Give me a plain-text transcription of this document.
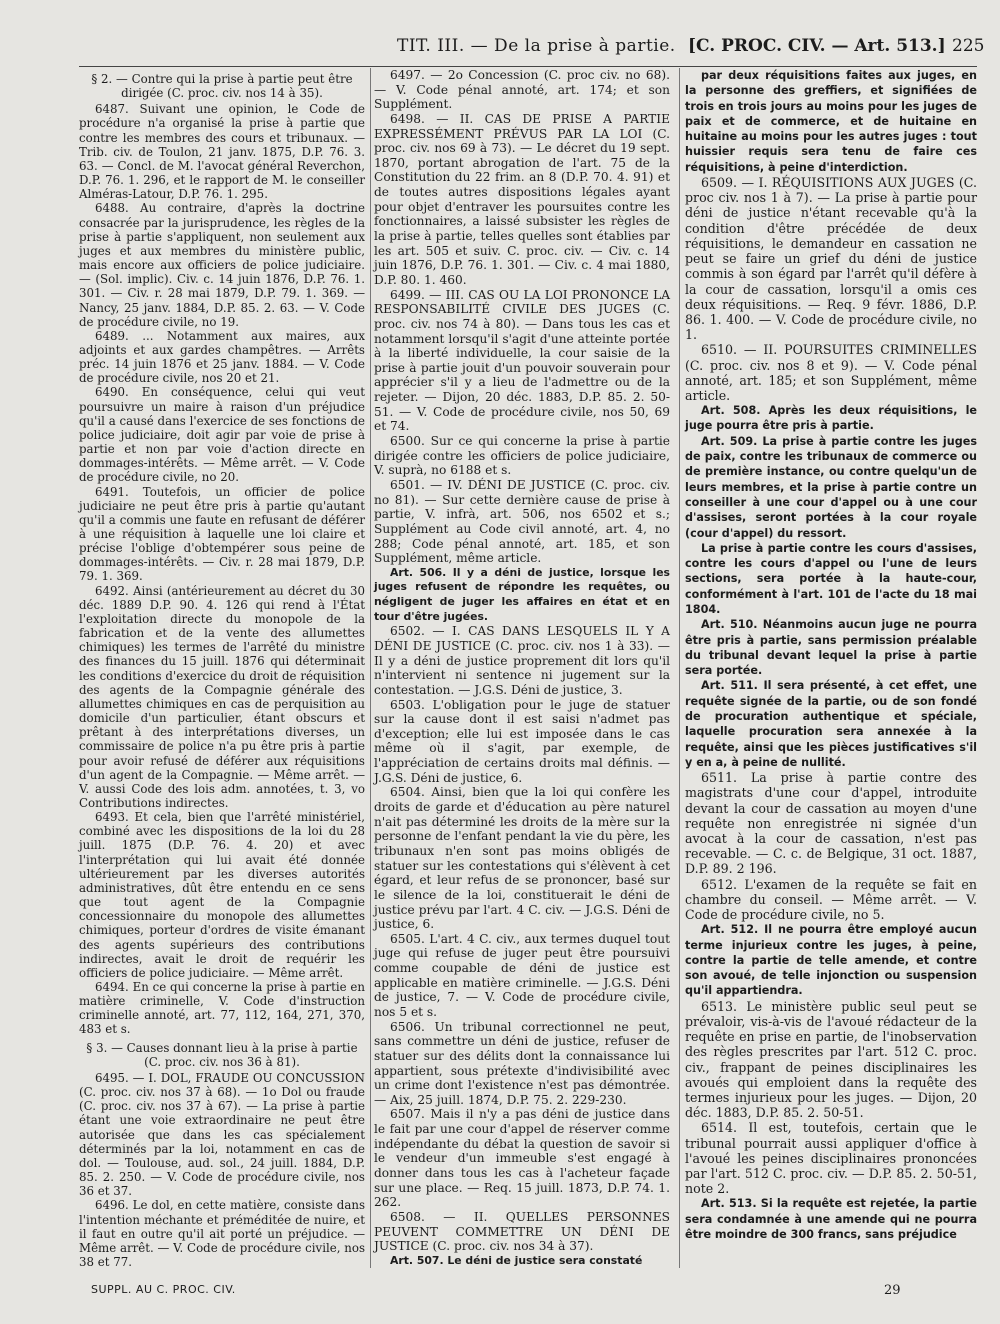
TIT. III. — De la prise à partie. [C. PROC. CIV. — Art. 513.] 225

§ 2. — Contre qui la prise à partie peut être dirigée (C. proc. civ. nos 14 à 35).

6487. Suivant une opinion, le Code de procédure n'a organisé la prise à partie que contre les membres des cours et tribunaux. — Trib. civ. de Toulon, 21 janv. 1875, D.P. 76. 3. 63. — Concl. de M. l'avocat général Reverchon, D.P. 76. 1. 296, et le rapport de M. le conseiller Alméras-Latour, D.P. 76. 1. 295.

6488. Au contraire, d'après la doctrine consacrée par la jurisprudence, les règles de la prise à partie s'appliquent, non seulement aux juges et aux membres du ministère public, mais encore aux officiers de police judiciaire. — (Sol. implic). Civ. c. 14 juin 1876, D.P. 76. 1. 301. — Civ. r. 28 mai 1879, D.P. 79. 1. 369. — Nancy, 25 janv. 1884, D.P. 85. 2. 63. — V. Code de procédure civile, no 19.

6489. ... Notamment aux maires, aux adjoints et aux gardes champêtres. — Arrêts préc. 14 juin 1876 et 25 janv. 1884. — V. Code de procédure civile, nos 20 et 21.

6490. En conséquence, celui qui veut poursuivre un maire à raison d'un préjudice qu'il a causé dans l'exercice de ses fonctions de police judiciaire, doit agir par voie de prise à partie et non par voie d'action directe en dommages-intérêts. — Même arrêt. — V. Code de procédure civile, no 20.

6491. Toutefois, un officier de police judiciaire ne peut être pris à partie qu'autant qu'il a commis une faute en refusant de déférer à une réquisition à laquelle une loi claire et précise l'oblige d'obtempérer sous peine de dommages-intérêts. — Civ. r. 28 mai 1879, D.P. 79. 1. 369.

6492. Ainsi (antérieurement au décret du 30 déc. 1889 D.P. 90. 4. 126 qui rend à l'État l'exploitation directe du monopole de la fabrication et de la vente des allumettes chimiques) les termes de l'arrêté du ministre des finances du 15 juill. 1876 qui déterminait les conditions d'exercice du droit de réquisition des agents de la Compagnie générale des allumettes chimiques en cas de perquisition au domicile d'un particulier, étant obscurs et prêtant à des interprétations diverses, un commissaire de police n'a pu être pris à partie pour avoir refusé de déférer aux réquisitions d'un agent de la Compagnie. — Même arrêt. — V. aussi Code des lois adm. annotées, t. 3, vo Contributions indirectes.

6493. Et cela, bien que l'arrêté ministériel, combiné avec les dispositions de la loi du 28 juill. 1875 (D.P. 76. 4. 20) et avec l'interprétation qui lui avait été donnée ultérieurement par les diverses autorités administratives, dût être entendu en ce sens que tout agent de la Compagnie concessionnaire du monopole des allumettes chimiques, porteur d'ordres de visite émanant des agents supérieurs des contributions indirectes, avait le droit de requérir les officiers de police judiciaire. — Même arrêt.

6494. En ce qui concerne la prise à partie en matière criminelle, V. Code d'instruction criminelle annoté, art. 77, 112, 164, 271, 370, 483 et s.

§ 3. — Causes donnant lieu à la prise à partie (C. proc. civ. nos 36 à 81).

6495. — I. DOL, FRAUDE OU CONCUSSION (C. proc. civ. nos 37 à 68). — 1o Dol ou fraude (C. proc. civ. nos 37 à 67). — La prise à partie étant une voie extraordinaire ne peut être autorisée que dans les cas spécialement déterminés par la loi, notamment en cas de dol. — Toulouse, aud. sol., 24 juill. 1884, D.P. 85. 2. 250. — V. Code de procédure civile, nos 36 et 37.

6496. Le dol, en cette matière, consiste dans l'intention méchante et préméditée de nuire, et il faut en outre qu'il ait porté un préjudice. — Même arrêt. — V. Code de procédure civile, nos 38 et 77.

6497. — 2o Concession (C. proc civ. no 68). — V. Code pénal annoté, art. 174; et son Supplément.

6498. — II. CAS DE PRISE A PARTIE EXPRESSÉMENT PRÉVUS PAR LA LOI (C. proc. civ. nos 69 à 73). — Le décret du 19 sept. 1870, portant abrogation de l'art. 75 de la Constitution du 22 frim. an 8 (D.P. 70. 4. 91) et de toutes autres dispositions légales ayant pour objet d'entraver les poursuites contre les fonctionnaires, a laissé subsister les règles de la prise à partie, telles quelles sont établies par les art. 505 et suiv. C. proc. civ. — Civ. c. 14 juin 1876, D.P. 76. 1. 301. — Civ. c. 4 mai 1880, D.P. 80. 1. 460.

6499. — III. CAS OU LA LOI PRONONCE LA RESPONSABILITÉ CIVILE DES JUGES (C. proc. civ. nos 74 à 80). — Dans tous les cas et notamment lorsqu'il s'agit d'une atteinte portée à la liberté individuelle, la cour saisie de la prise à partie jouit d'un pouvoir souverain pour apprécier s'il y a lieu de l'admettre ou de la rejeter. — Dijon, 20 déc. 1883, D.P. 85. 2. 50-51. — V. Code de procédure civile, nos 50, 69 et 74.

6500. Sur ce qui concerne la prise à partie dirigée contre les officiers de police judiciaire, V. suprà, no 6188 et s.

6501. — IV. DÉNI DE JUSTICE (C. proc. civ. no 81). — Sur cette dernière cause de prise à partie, V. infrà, art. 506, nos 6502 et s.; Supplément au Code civil annoté, art. 4, no 288; Code pénal annoté, art. 185, et son Supplément, même article.

Art. 506. Il y a déni de justice, lorsque les juges refusent de répondre les requêtes, ou négligent de juger les affaires en état et en tour d'être jugées.

6502. — I. CAS DANS LESQUELS IL Y A DÉNI DE JUSTICE (C. proc. civ. nos 1 à 33). — Il y a déni de justice proprement dit lors qu'il n'intervient ni sentence ni jugement sur la contestation. — J.G.S. Déni de justice, 3.

6503. L'obligation pour le juge de statuer sur la cause dont il est saisi n'admet pas d'exception; elle lui est imposée dans le cas même où il s'agit, par exemple, de l'appréciation de certains droits mal définis. — J.G.S. Déni de justice, 6.

6504. Ainsi, bien que la loi qui confère les droits de garde et d'éducation au père naturel n'ait pas déterminé les droits de la mère sur la personne de l'enfant pendant la vie du père, les tribunaux n'en sont pas moins obligés de statuer sur les contestations qui s'élèvent à cet égard, et leur refus de se prononcer, basé sur le silence de la loi, constituerait le déni de justice prévu par l'art. 4 C. civ. — J.G.S. Déni de justice, 6.

6505. L'art. 4 C. civ., aux termes duquel tout juge qui refuse de juger peut être poursuivi comme coupable de déni de justice est applicable en matière criminelle. — J.G.S. Déni de justice, 7. — V. Code de procédure civile, nos 5 et s.

6506. Un tribunal correctionnel ne peut, sans commettre un déni de justice, refuser de statuer sur des délits dont la connaissance lui appartient, sous prétexte d'indivisibilité avec un crime dont l'existence n'est pas démontrée. — Aix, 25 juill. 1874, D.P. 75. 2. 229-230.

6507. Mais il n'y a pas déni de justice dans le fait par une cour d'appel de réserver comme indépendante du débat la question de savoir si le vendeur d'un immeuble s'est engagé à donner dans tous les cas à l'acheteur façade sur une place. — Req. 15 juill. 1873, D.P. 74. 1. 262.

6508. — II. QUELLES PERSONNES PEUVENT COMMETTRE UN DÉNI DE JUSTICE (C. proc. civ. nos 34 à 37).

Art. 507. Le déni de justice sera constaté

par deux réquisitions faites aux juges, en la personne des greffiers, et signifiées de trois en trois jours au moins pour les juges de paix et de commerce, et de huitaine en huitaine au moins pour les autres juges : tout huissier requis sera tenu de faire ces réquisitions, à peine d'interdiction.

6509. — I. RÉQUISITIONS AUX JUGES (C. proc civ. nos 1 à 7). — La prise à partie pour déni de justice n'étant recevable qu'à la condition d'être précédée de deux réquisitions, le demandeur en cassation ne peut se faire un grief du déni de justice commis à son égard par l'arrêt qu'il défère à la cour de cassation, lorsqu'il a omis ces deux réquisitions. — Req. 9 févr. 1886, D.P. 86. 1. 400. — V. Code de procédure civile, no 1.

6510. — II. POURSUITES CRIMINELLES (C. proc. civ. nos 8 et 9). — V. Code pénal annoté, art. 185; et son Supplément, même article.

Art. 508. Après les deux réquisitions, le juge pourra être pris à partie.

Art. 509. La prise à partie contre les juges de paix, contre les tribunaux de commerce ou de première instance, ou contre quelqu'un de leurs membres, et la prise à partie contre un conseiller à une cour d'appel ou à une cour d'assises, seront portées à la cour royale (cour d'appel) du ressort.

La prise à partie contre les cours d'assises, contre les cours d'appel ou l'une de leurs sections, sera portée à la haute-cour, conformément à l'art. 101 de l'acte du 18 mai 1804.

Art. 510. Néanmoins aucun juge ne pourra être pris à partie, sans permission préalable du tribunal devant lequel la prise à partie sera portée.

Art. 511. Il sera présenté, à cet effet, une requête signée de la partie, ou de son fondé de procuration authentique et spéciale, laquelle procuration sera annexée à la requête, ainsi que les pièces justificatives s'il y en a, à peine de nullité.

6511. La prise à partie contre des magistrats d'une cour d'appel, introduite devant la cour de cassation au moyen d'une requête non enregistrée ni signée d'un avocat à la cour de cassation, n'est pas recevable. — C. c. de Belgique, 31 oct. 1887, D.P. 89. 2 196.

6512. L'examen de la requête se fait en chambre du conseil. — Même arrêt. — V. Code de procédure civile, no 5.

Art. 512. Il ne pourra être employé aucun terme injurieux contre les juges, à peine, contre la partie de telle amende, et contre son avoué, de telle injonction ou suspension qu'il appartiendra.

6513. Le ministère public seul peut se prévaloir, vis-à-vis de l'avoué rédacteur de la requête en prise en partie, de l'inobservation des règles prescrites par l'art. 512 C. proc. civ., frappant de peines disciplinaires les avoués qui emploient dans la requête des termes injurieux pour les juges. — Dijon, 20 déc. 1883, D.P. 85. 2. 50-51.

6514. Il est, toutefois, certain que le tribunal pourrait aussi appliquer d'office à l'avoué les peines disciplinaires prononcées par l'art. 512 C. proc. civ. — D.P. 85. 2. 50-51, note 2.

Art. 513. Si la requête est rejetée, la partie sera condamnée à une amende qui ne pourra être moindre de 300 francs, sans préjudice

SUPPL. AU C. PROC. CIV.	29
